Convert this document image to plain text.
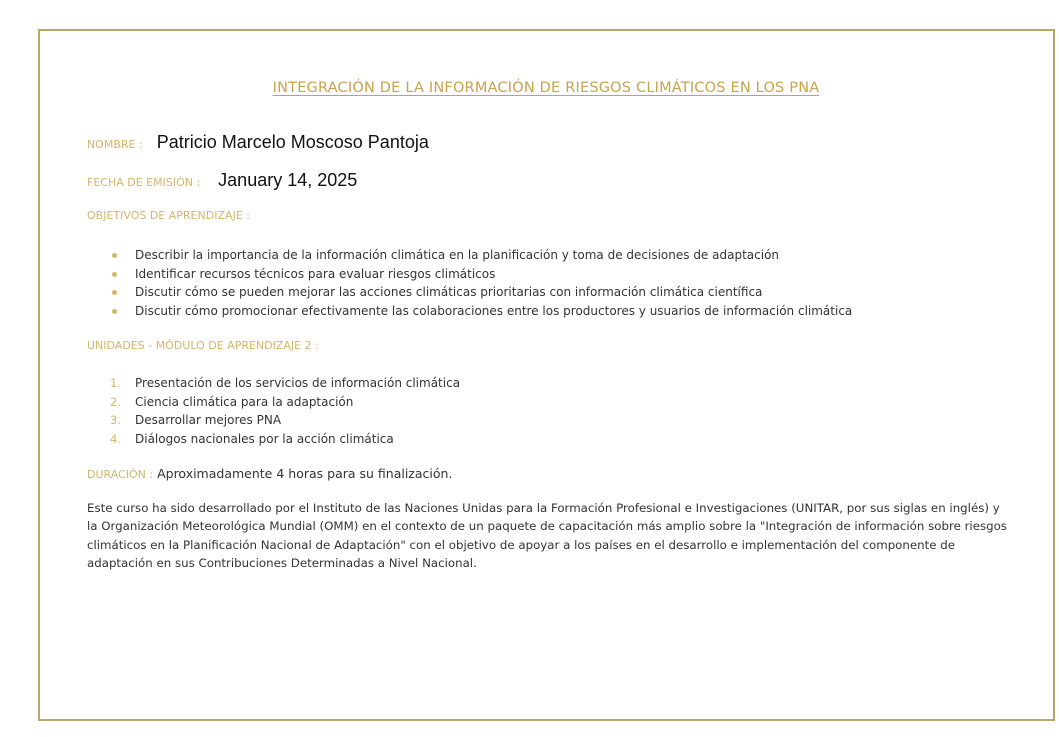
INTEGRACIÓN DE LA INFORMACIÓN DE RIESGOS CLIMÁTICOS EN LOS PNA
NOMBRE : Patricio Marcelo Moscoso Pantoja
FECHA DE EMISIÓN : January 14, 2025
OBJETIVOS DE APRENDIZAJE :
Describir la importancia de la información climática en la planificación y toma de decisiones de adaptación
Identificar recursos técnicos para evaluar riesgos climáticos
Discutir cómo se pueden mejorar las acciones climáticas prioritarias con información climática científica
Discutir cómo promocionar efectivamente las colaboraciones entre los productores y usuarios de información climática
UNIDADES - MÓDULO DE APRENDIZAJE 2 :
1. Presentación de los servicios de información climática
2. Ciencia climática para la adaptación
3. Desarrollar mejores PNA
4. Diálogos nacionales por la acción climática
DURACIÓN : Aproximadamente 4 horas para su finalización.
Este curso ha sido desarrollado por el Instituto de las Naciones Unidas para la Formación Profesional e Investigaciones (UNITAR, por sus siglas en inglés) y la Organización Meteorológica Mundial (OMM) en el contexto de un paquete de capacitación más amplio sobre la "Integración de información sobre riesgos climáticos en la Planificación Nacional de Adaptación" con el objetivo de apoyar a los países en el desarrollo e implementación del componente de adaptación en sus Contribuciones Determinadas a Nivel Nacional.
